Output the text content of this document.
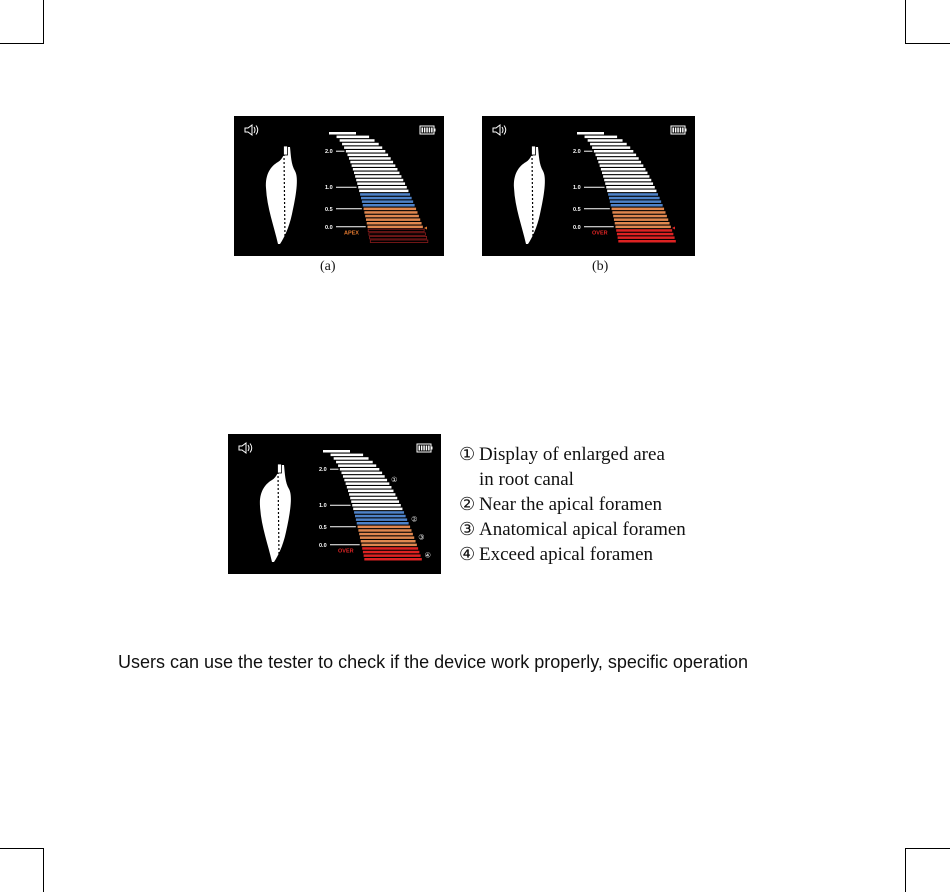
2.0
1.0
0.5
0.0
APEX
◂
2.0
1.0
0.5
0.0
OVER
◂
2.0
1.0
0.5
0.0
OVER
①
②
③
④
(a)	(b)
① Display of enlarged area
in root canal
② Near the apical foramen
③ Anatomical apical foramen
④ Exceed apical foramen
Users can use the tester to check if the device work properly, specific operation
